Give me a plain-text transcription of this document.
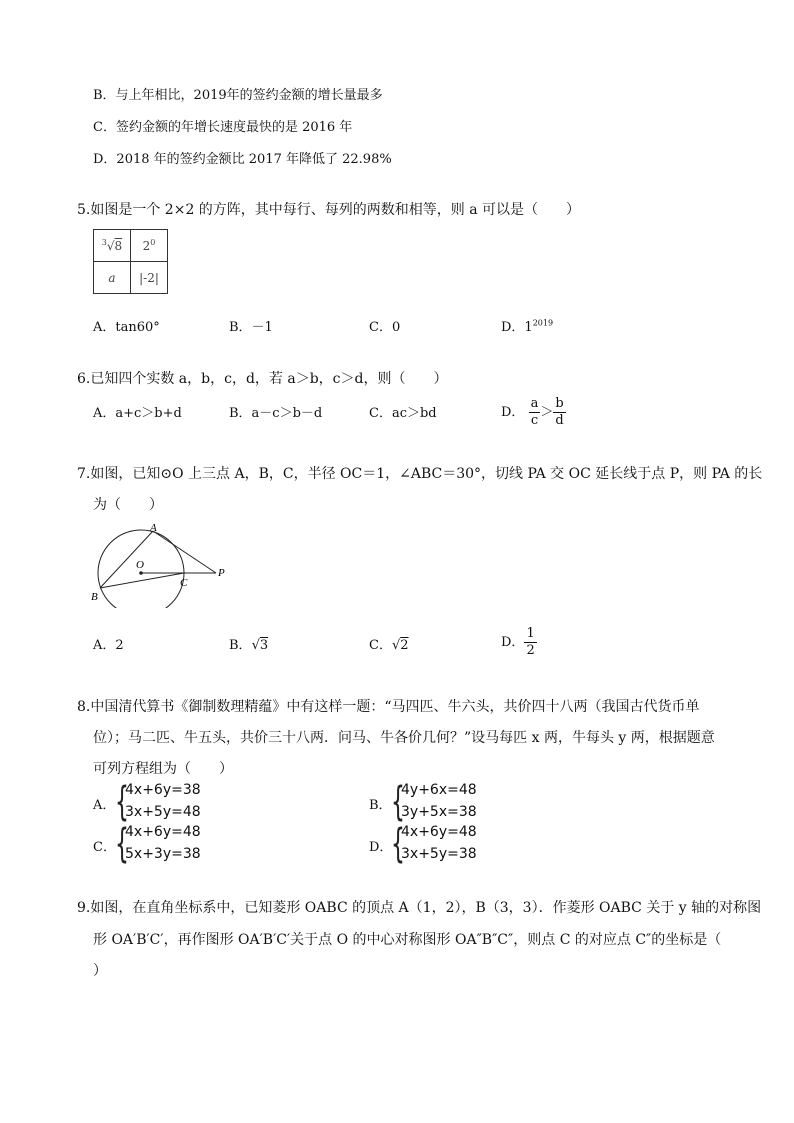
B．与上年相比，2019年的签约金额的增长量最多
C．签约金额的年增长速度最快的是 2016 年
D．2018 年的签约金额比 2017 年降低了 22.98%
5.如图是一个 2×2 的方阵，其中每行、每列的两数和相等，则 a 可以是（　　）
$^3$√8	$2^0$
a	|-2|
A．tan60°	B．－1	C．0	D．$1^{2019}$
6.已知四个实数 a，b，c，d，若 a＞b，c＞d，则（　　）
A．a+c＞b+d	B．a－c＞b－d	C．ac＞bd	D． $\frac{a}{c} > \frac{b}{d}$
7.如图，已知⊙O 上三点 A，B，C，半径 OC＝1，∠ABC＝30°，切线 PA 交 OC 延长线于点 P，则 PA 的长
为（　　）
A
O
C
P
B
A．2	B．√3	C．√2	D． $\frac{1}{2}$
8.中国清代算书《御制数理精蕴》中有这样一题：“马四匹、牛六头，共价四十八两（我国古代货币单
位）；马二匹、牛五头，共价三十八两．问马、牛各价几何？”设马每匹 x 两，牛每头 y 两，根据题意
可列方程组为（　　）
A． {
4x+6y=38
3x+5y=48	B． {
4y+6x=48
3y+5x=38
C． {
4x+6y=48
5x+3y=38	D．
{
4x+6y=48
3x+5y=38
9.如图，在直角坐标系中，已知菱形 OABC 的顶点 A（1，2），B（3，3）．作菱形 OABC 关于 y 轴的对称图
形 OA′B′C′，再作图形 OA′B′C′关于点 O 的中心对称图形 OA″B″C″，则点 C 的对应点 C″的坐标是（
）
